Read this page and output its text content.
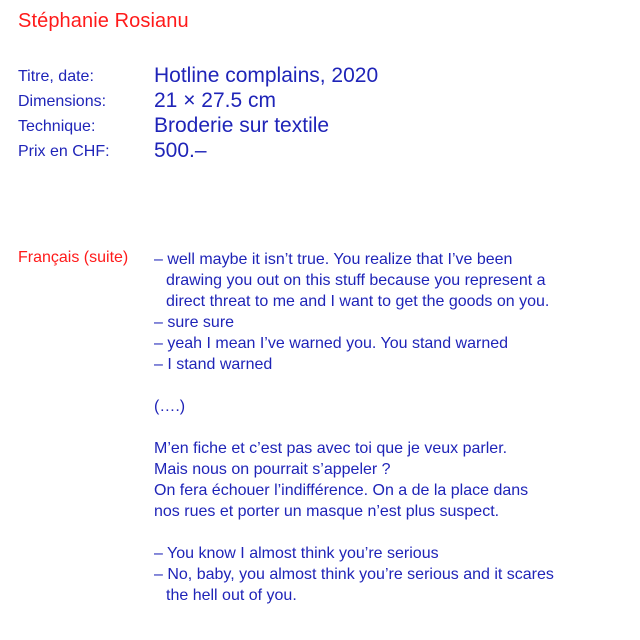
Stéphanie Rosianu
Titre, date:	Hotline complains, 2020
Dimensions: 21 × 27.5 cm
Technique:	Broderie sur textile
Prix en CHF: 500.–
Français (suite) – well maybe it isn’t true. You realize that I’ve been
drawing you out on this stuff because you represent a
direct threat to me and I want to get the goods on you.
– sure sure
– yeah I mean I’ve warned you. You stand warned
– I stand warned
(….)
M’en fiche et c’est pas avec toi que je veux parler.
Mais nous on pourrait s’appeler ?
On fera échouer l’indifférence. On a de la place dans
nos rues et porter un masque n’est plus suspect.
– You know I almost think you’re serious
– No, baby, you almost think you’re serious and it scares
the hell out of you.
